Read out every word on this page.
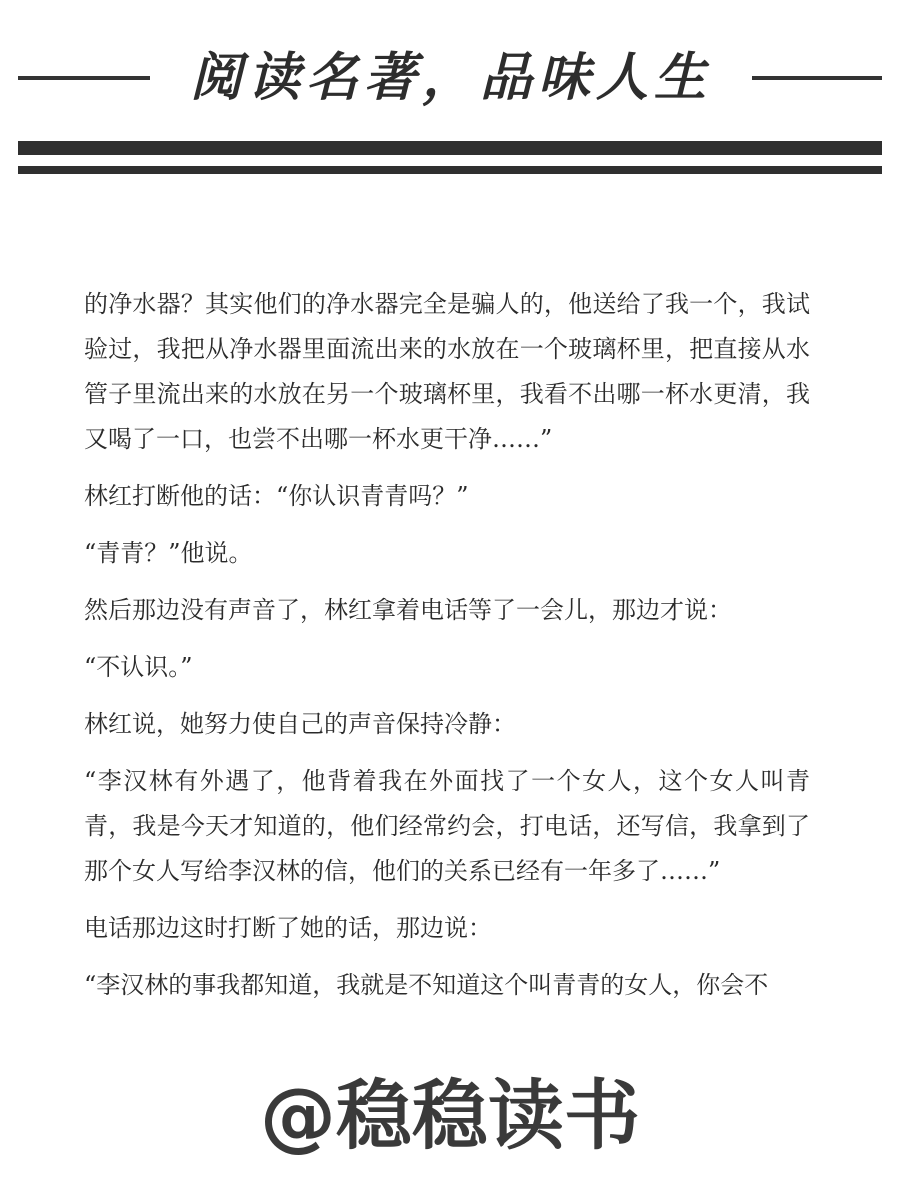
阅读名著，品味人生

的净水器？其实他们的净水器完全是骗人的，他送给了我一个，我试验过，我把从净水器里面流出来的水放在一个玻璃杯里，把直接从水管子里流出来的水放在另一个玻璃杯里，我看不出哪一杯水更清，我又喝了一口，也尝不出哪一杯水更干净……”

林红打断他的话：“你认识青青吗？”

“青青？”他说。

然后那边没有声音了，林红拿着电话等了一会儿，那边才说：

“不认识。”

林红说，她努力使自己的声音保持冷静：

“李汉林有外遇了，他背着我在外面找了一个女人，这个女人叫青青，我是今天才知道的，他们经常约会，打电话，还写信，我拿到了那个女人写给李汉林的信，他们的关系已经有一年多了……”

电话那边这时打断了她的话，那边说：

“李汉林的事我都知道，我就是不知道这个叫青青的女人，你会不

@稳稳读书
